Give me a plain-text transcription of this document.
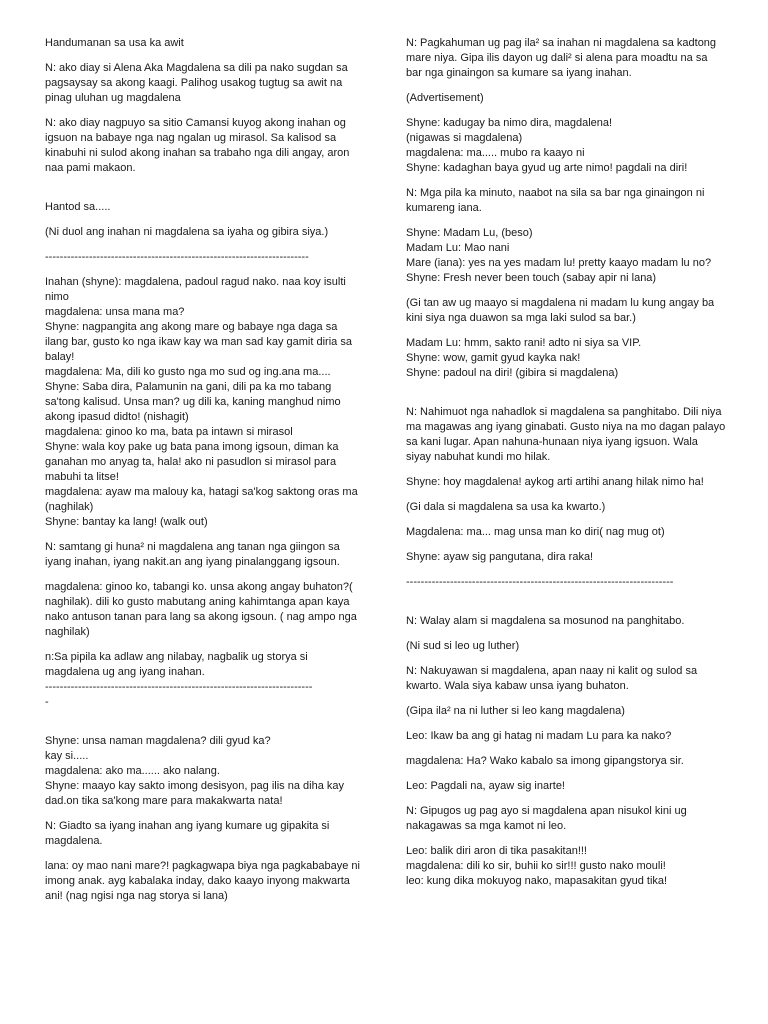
Handumanan sa usa ka awit
N: ako diay si Alena Aka Magdalena sa dili pa nako sugdan sa pagsaysay sa akong kaagi. Palihog usakog tugtug sa awit na pinag uluhan ug magdalena
N: ako diay nagpuyo sa sitio Camansi kuyog akong inahan og igsuon na babaye nga nag ngalan ug mirasol. Sa kalisod sa kinabuhi ni sulod akong inahan sa trabaho nga dili angay, aron naa pami makaon.
Hantod sa.....
(Ni duol ang inahan ni magdalena sa iyaha og gibira siya.)
------------------------------------------------------------------------
Inahan (shyne): magdalena, padoul ragud nako. naa koy isulti nimo
magdalena: unsa mana ma?
Shyne: nagpangita ang akong mare og babaye nga daga sa ilang bar, gusto ko nga ikaw kay wa man sad kay gamit diria sa balay!
magdalena: Ma, dili ko gusto nga mo sud og ing.ana ma....
Shyne: Saba dira, Palamunin na gani, dili pa ka mo tabang sa'tong kalisud. Unsa man? ug dili ka, kaning manghud nimo akong ipasud didto! (nishagit)
magdalena: ginoo ko ma, bata pa intawn si mirasol
Shyne: wala koy pake ug bata pana imong igsoun, diman ka ganahan mo anyag ta, hala! ako ni pasudlon si mirasol para mabuhi ta litse!
magdalena: ayaw ma malouy ka, hatagi sa'kog saktong oras ma (naghilak)
Shyne: bantay ka lang! (walk out)
N: samtang gi huna² ni magdalena ang tanan nga giingon sa iyang inahan, iyang nakit.an ang iyang pinalanggang igsoun.
magdalena: ginoo ko, tabangi ko. unsa akong angay buhaton?( naghilak). dili ko gusto mabutang aning kahimtanga apan kaya nako antuson tanan para lang sa akong igsoun. ( nag ampo nga naghilak)
n:Sa pipila ka adlaw ang nilabay, nagbalik ug storya si magdalena ug ang iyang inahan.
-------------------------------------------------------------------------
-
Shyne: unsa naman magdalena? dili gyud ka?
kay si.....
magdalena: ako ma...... ako nalang.
Shyne: maayo kay sakto imong desisyon, pag ilis na diha kay dad.on tika sa'kong mare para makakwarta nata!
N: Giadto sa iyang inahan ang iyang kumare ug gipakita si magdalena.
lana: oy mao nani mare?! pagkagwapa biya nga pagkababaye ni imong anak. ayg kabalaka inday, dako kaayo inyong makwarta ani! (nag ngisi nga nag storya si lana)
N: Pagkahuman ug pag ila² sa inahan ni magdalena sa kadtong mare niya. Gipa ilis dayon ug dali² si alena para moadtu na sa bar nga ginaingon sa kumare sa iyang inahan.
(Advertisement)
Shyne: kadugay ba nimo dira, magdalena!
(nigawas si magdalena)
magdalena: ma..... mubo ra kaayo ni
Shyne: kadaghan baya gyud ug arte nimo! pagdali na diri!
N: Mga pila ka minuto, naabot na sila sa bar nga ginaingon ni kumareng iana.
Shyne: Madam Lu, (beso)
Madam Lu: Mao nani
Mare (iana): yes na yes madam lu! pretty kaayo madam lu no?
Shyne: Fresh never been touch (sabay apir ni lana)
(Gi tan aw ug maayo si magdalena ni madam lu kung angay ba kini siya nga duawon sa mga laki sulod sa bar.)
Madam Lu: hmm, sakto rani! adto ni siya sa VIP.
Shyne: wow, gamit gyud kayka nak!
Shyne: padoul na diri! (gibira si magdalena)
N: Nahimuot nga nahadlok si magdalena sa panghitabo. Dili niya ma magawas ang iyang ginabati. Gusto niya na mo dagan palayo sa kani lugar. Apan nahuna-hunaan niya iyang igsuon. Wala siyay nabuhat kundi mo hilak.
Shyne: hoy magdalena! aykog arti artihi anang hilak nimo ha!
(Gi dala si magdalena sa usa ka kwarto.)
Magdalena: ma... mag unsa man ko diri( nag mug ot)
Shyne: ayaw sig pangutana, dira raka!
-------------------------------------------------------------------------
N: Walay alam si magdalena sa mosunod na panghitabo.
(Ni sud si leo ug luther)
N: Nakuyawan si magdalena, apan naay ni kalit og sulod sa kwarto. Wala siya kabaw unsa iyang buhaton.
(Gipa ila² na ni luther si leo kang magdalena)
Leo: Ikaw ba ang gi hatag ni madam Lu para ka nako?
magdalena: Ha? Wako kabalo sa imong gipangstorya sir.
Leo: Pagdali na, ayaw sig inarte!
N: Gipugos ug pag ayo si magdalena apan nisukol kini ug nakagawas sa mga kamot ni leo.
Leo: balik diri aron di tika pasakitan!!!
magdalena: dili ko sir, buhii ko sir!!! gusto nako mouli!
leo: kung dika mokuyog nako, mapasakitan gyud tika!
